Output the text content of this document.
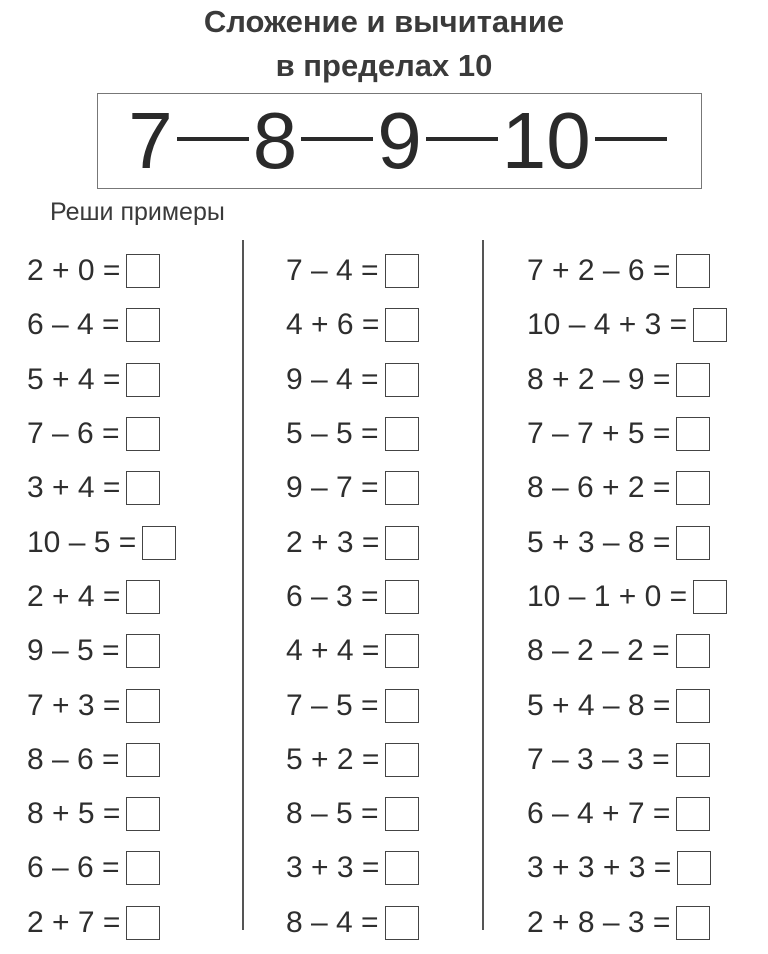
Сложение и вычитание
в пределах 10
7 8 9 10
Реши примеры
2 + 0 =
6 – 4 =
5 + 4 =
7 – 6 =
3 + 4 =
10 – 5 =
2 + 4 =
9 – 5 =
7 + 3 =
8 – 6 =
8 + 5 =
6 – 6 =
2 + 7 =
7 – 4 =
4 + 6 =
9 – 4 =
5 – 5 =
9 – 7 =
2 + 3 =
6 – 3 =
4 + 4 =
7 – 5 =
5 + 2 =
8 – 5 =
3 + 3 =
8 – 4 =
7 + 2 – 6 =
10 – 4 + 3 =
8 + 2 – 9 =
7 – 7 + 5 =
8 – 6 + 2 =
5 + 3 – 8 =
10 – 1 + 0 =
8 – 2 – 2 =
5 + 4 – 8 =
7 – 3 – 3 =
6 – 4 + 7 =
3 + 3 + 3 =
2 + 8 – 3 =
